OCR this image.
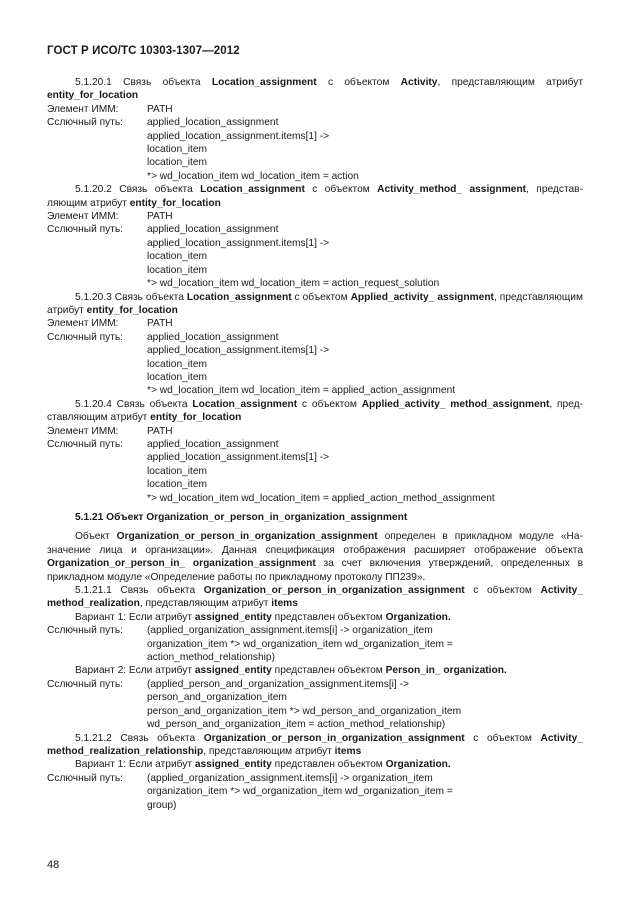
ГОСТ Р ИСО/ТС 10303-1307—2012

5.1.20.1 Связь объекта Location_assignment с объектом Activity, представляющим атрибут entity_for_location

Элемент ИММ:	PATH
Сслючный путь:	applied_location_assignment
applied_location_assignment.items[1] ->
location_item
location_item
*> wd_location_item wd_location_item = action

5.1.20.2 Связь объекта Location_assignment с объектом Activity_method_ assignment, представляющим атрибут entity_for_location

Элемент ИММ:	PATH
Сслючный путь:	applied_location_assignment
applied_location_assignment.items[1] ->
location_item
location_item
*> wd_location_item wd_location_item = action_request_solution

5.1.20.3 Связь объекта Location_assignment с объектом Applied_activity_ assignment, представляющим атрибут entity_for_location

Элемент ИММ:	PATH
Сслючный путь:	applied_location_assignment
applied_location_assignment.items[1] ->
location_item
location_item
*> wd_location_item wd_location_item = applied_action_assignment

5.1.20.4 Связь объекта Location_assignment с объектом Applied_activity_ method_assignment, представляющим атрибут entity_for_location

Элемент ИММ:	PATH
Сслючный путь:	applied_location_assignment
applied_location_assignment.items[1] ->
location_item
location_item
*> wd_location_item wd_location_item = applied_action_method_assignment

5.1.21 Объект Organization_or_person_in_organization_assignment

Объект Organization_or_person_in_organization_assignment определен в прикладном модуле «Назначение лица и организации». Данная спецификация отображения расширяет отображение объекта Organization_or_person_in_ organization_assignment за счет включения утверждений, определенных в прикладном модуле «Определение работы по прикладному протоколу ПП239».

5.1.21.1 Связь объекта Organization_or_person_in_organization_assignment с объектом Activity_ method_realization, представляющим атрибут items

Вариант 1: Если атрибут assigned_entity представлен объектом Organization.

Сслючный путь:	(applied_organization_assignment.items[i] -> organization_item
organization_item *> wd_organization_item wd_organization_item =
action_method_relationship)

Вариант 2: Если атрибут assigned_entity представлен объектом Person_in_ organization.

Сслючный путь:	(applied_person_and_organization_assignment.items[i] ->
person_and_organization_item
person_and_organization_item *> wd_person_and_organization_item
wd_person_and_organization_item = action_method_relationship)

5.1.21.2 Связь объекта Organization_or_person_in_organization_assignment с объектом Activity_ method_realization_relationship, представляющим атрибут items

Вариант 1: Если атрибут assigned_entity представлен объектом Organization.

Сслючный путь:	(applied_organization_assignment.items[i] -> organization_item
organization_item *> wd_organization_item wd_organization_item =
group)
48
